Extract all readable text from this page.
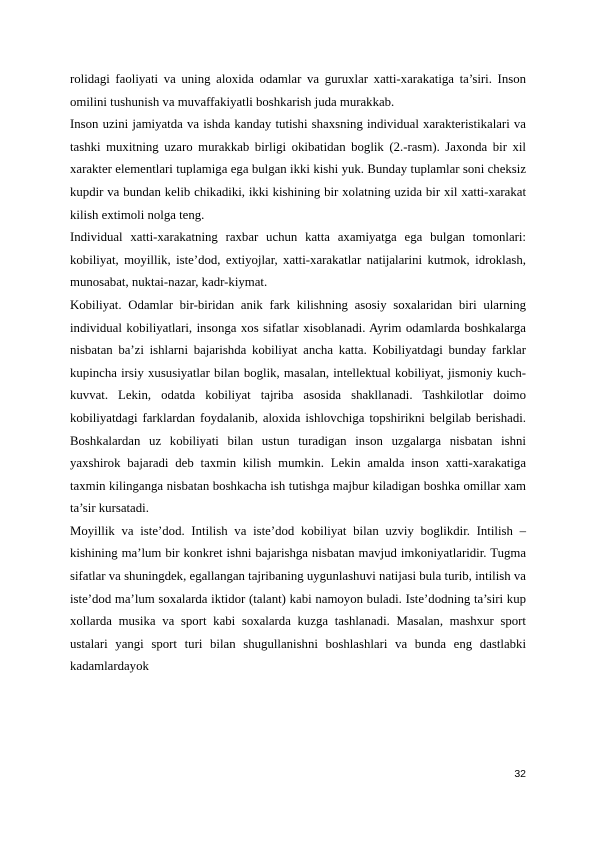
rolidagi faoliyati va uning aloxida odamlar va guruxlar xatti-xarakatiga ta’siri. Inson omilini tushunish va muvaffakiyatli boshkarish juda murakkab.

Inson uzini jamiyatda va ishda kanday tutishi shaxsning individual xarakteristikalari va tashki muxitning uzaro murakkab birligi okibatidan boglik (2.-rasm). Jaxonda bir xil xarakter elementlari tuplamiga ega bulgan ikki kishi yuk. Bunday tuplamlar soni cheksiz kupdir va bundan kelib chikadiki, ikki kishining bir xolatning uzida bir xil xatti-xarakat kilish extimoli nolga teng.

Individual xatti-xarakatning raxbar uchun katta axamiyatga ega bulgan tomonlari: kobiliyat, moyillik, iste’dod, extiyojlar, xatti-xarakatlar natijalarini kutmok, idroklash, munosabat, nuktai-nazar, kadr-kiymat.

Kobiliyat. Odamlar bir-biridan anik fark kilishning asosiy soxalaridan biri ularning individual kobiliyatlari, insonga xos sifatlar xisoblanadi. Ayrim odamlarda boshkalarga nisbatan ba’zi ishlarni bajarishda kobiliyat ancha katta. Kobiliyatdagi bunday farklar kupincha irsiy xususiyatlar bilan boglik, masalan, intellektual kobiliyat, jismoniy kuch-kuvvat. Lekin, odatda kobiliyat tajriba asosida shakllanadi. Tashkilotlar doimo kobiliyatdagi farklardan foydalanib, aloxida ishlovchiga topshirikni belgilab berishadi. Boshkalardan uz kobiliyati bilan ustun turadigan inson uzgalarga nisbatan ishni yaxshirok bajaradi deb taxmin kilish mumkin. Lekin amalda inson xatti-xarakatiga taxmin kilinganga nisbatan boshkacha ish tutishga majbur kiladigan boshka omillar xam ta’sir kursatadi.

Moyillik va iste’dod. Intilish va iste’dod kobiliyat bilan uzviy boglikdir. Intilish – kishining ma’lum bir konkret ishni bajarishga nisbatan mavjud imkoniyatlaridir. Tugma sifatlar va shuningdek, egallangan tajribaning uygunlashuvi natijasi bula turib, intilish va iste’dod ma’lum soxalarda iktidor (talant) kabi namoyon buladi. Iste’dodning ta’siri kup xollarda musika va sport kabi soxalarda kuzga tashlanadi. Masalan, mashxur sport ustalari yangi sport turi bilan shugullanishni boshlashlari va bunda eng dastlabki kadamlardayok

32
